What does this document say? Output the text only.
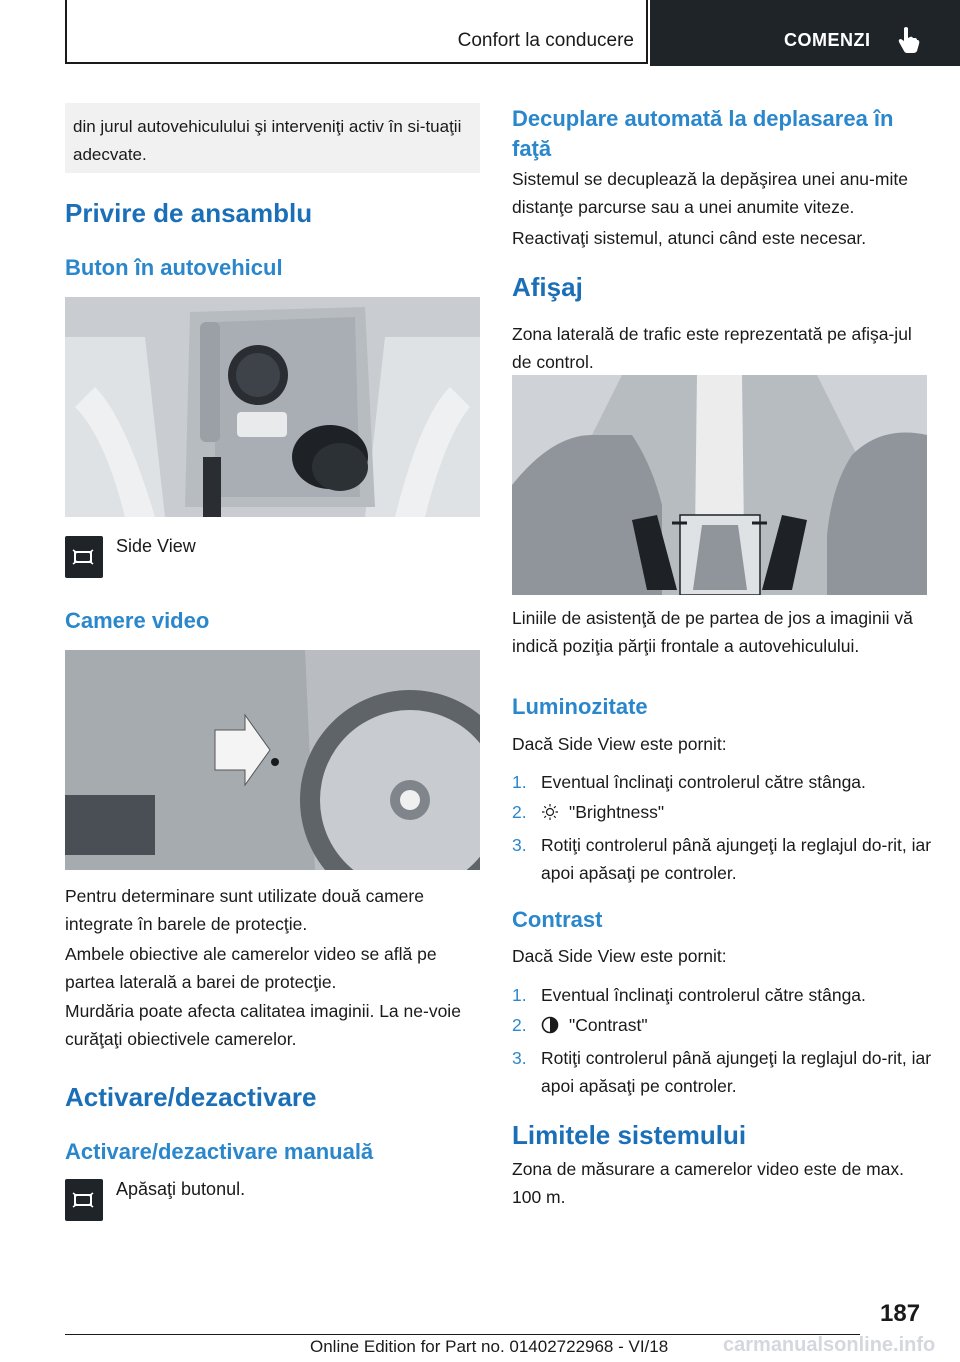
Confort la conducere	COMENZI
din jurul autovehiculului şi interveniţi activ în si‐tuaţii adecvate.
Privire de ansamblu
Buton în autovehicul
Side View
Camere video
Pentru determinare sunt utilizate două camere integrate în barele de protecţie.
Ambele obiective ale camerelor video se află pe partea laterală a barei de protecţie.
Murdăria poate afecta calitatea imaginii. La ne‐voie curăţaţi obiectivele camerelor.
Activare/dezactivare
Activare/dezactivare manuală
Apăsaţi butonul.
Decuplare automată la deplasarea în faţă
Sistemul se decuplează la depăşirea unei anu‐mite distanţe parcurse sau a unei anumite viteze.
Reactivaţi sistemul, atunci când este necesar.
Afişaj
Zona laterală de trafic este reprezentată pe afişa‐jul de control.
Liniile de asistenţă de pe partea de jos a imaginii vă indică poziţia părţii frontale a autovehiculului.
Luminozitate
Dacă Side View este pornit:
1. Eventual înclinaţi controlerul către stânga.
2. "Brightness"
3. Rotiţi controlerul până ajungeţi la reglajul do‐rit, iar apoi apăsaţi pe controler.
Contrast
Dacă Side View este pornit:
1. Eventual înclinaţi controlerul către stânga.
2. "Contrast"
3. Rotiţi controlerul până ajungeţi la reglajul do‐rit, iar apoi apăsaţi pe controler.
Limitele sistemului
Zona de măsurare a camerelor video este de max. 100 m.
187
carmanualsonline.info
Online Edition for Part no. 01402722968 - VI/18
